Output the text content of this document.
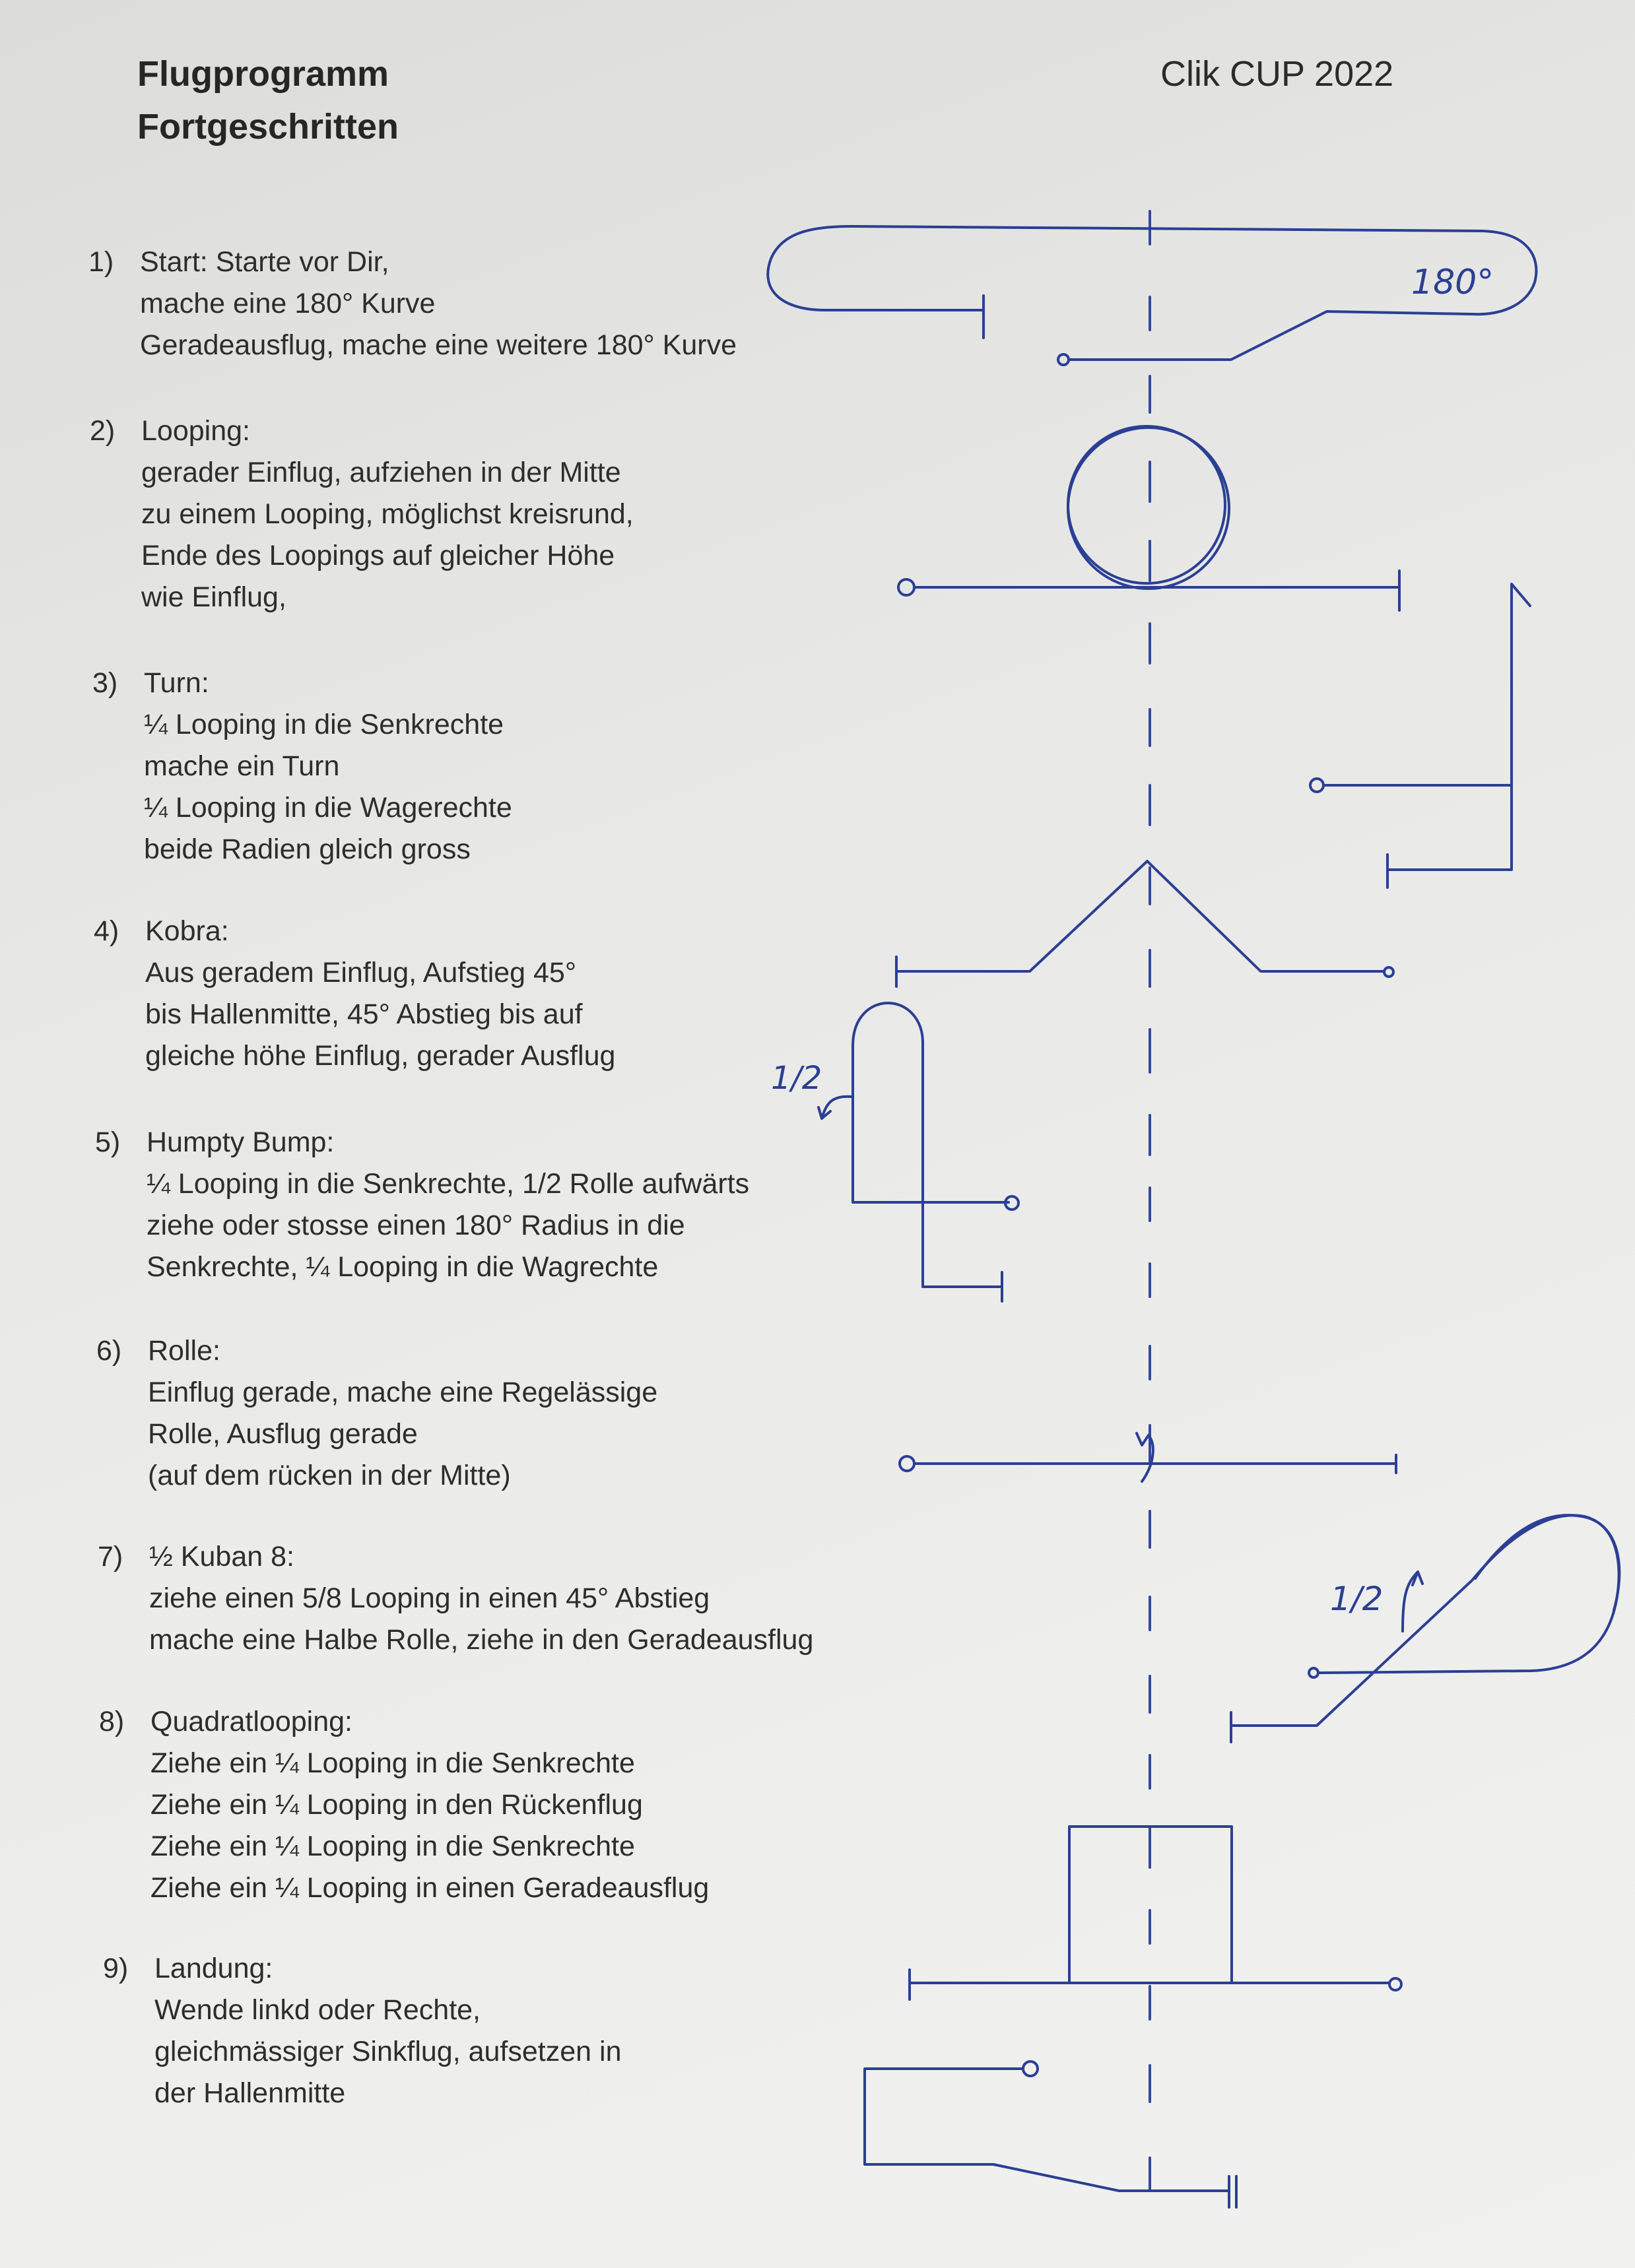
Flugprogramm
Fortgeschritten
Clik CUP 2022
1) Start: Starte vor Dir,
mache eine 180° Kurve
Geradeausflug, mache eine weitere 180° Kurve
2) Looping:
gerader Einflug, aufziehen in der Mitte
zu einem Looping, möglichst kreisrund,
Ende des Loopings auf gleicher Höhe
wie Einflug,
3) Turn:
¼ Looping in die Senkrechte
mache ein Turn
¼ Looping in die Wagerechte
beide Radien gleich gross
4) Kobra:
Aus geradem Einflug, Aufstieg 45°
bis Hallenmitte, 45° Abstieg bis auf
gleiche höhe Einflug, gerader Ausflug
5) Humpty Bump:
¼ Looping in die Senkrechte, 1/2 Rolle aufwärts
ziehe oder stosse einen 180° Radius in die
Senkrechte, ¼ Looping in die Wagrechte
6) Rolle:
Einflug gerade, mache eine Regelässige
Rolle, Ausflug gerade
(auf dem rücken in der Mitte)
7) ½ Kuban 8:
ziehe einen 5/8 Looping in einen 45° Abstieg
mache eine Halbe Rolle, ziehe in den Geradeausflug
8) Quadratlooping:
Ziehe ein ¼ Looping in die Senkrechte
Ziehe ein ¼ Looping in den Rückenflug
Ziehe ein ¼ Looping in die Senkrechte
Ziehe ein ¼ Looping in einen Geradeausflug
9) Landung:
Wende linkd oder Rechte,
gleichmässiger Sinkflug, aufsetzen in
der Hallenmitte
180°
1/2
1/2
